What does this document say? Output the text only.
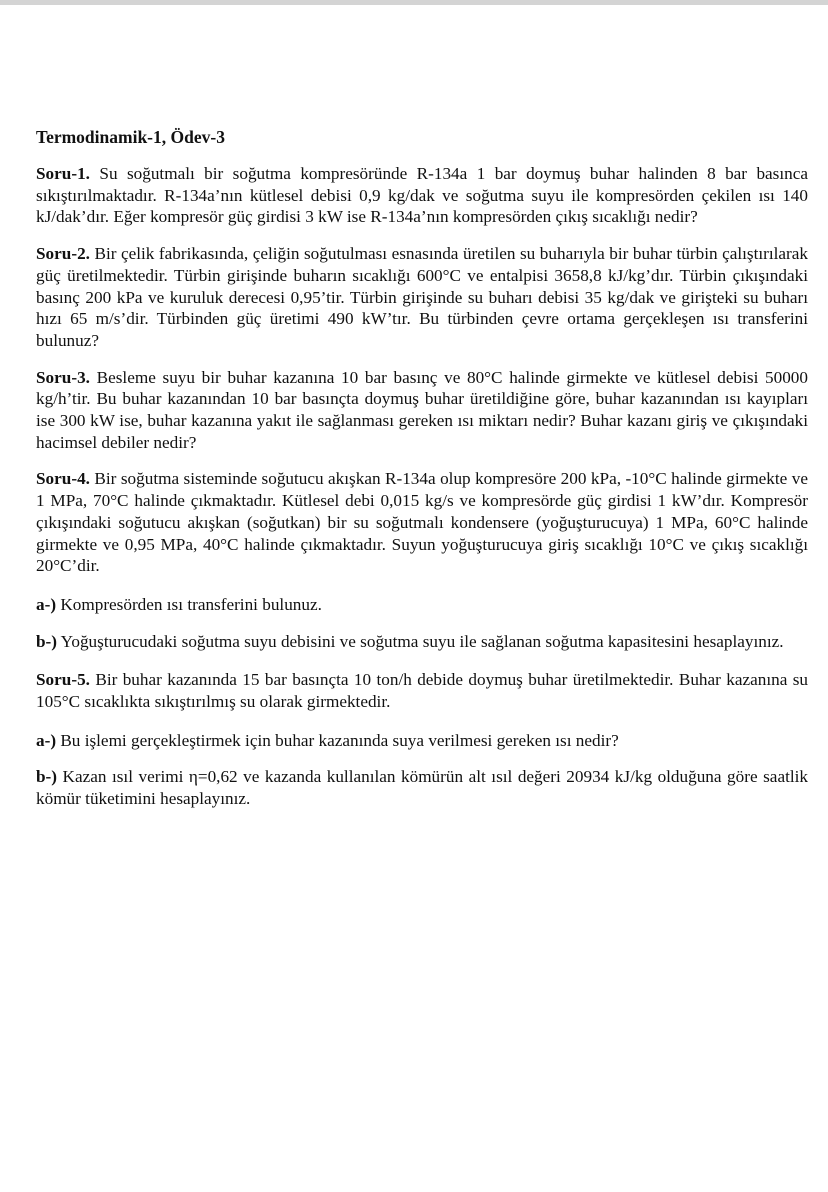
Termodinamik-1, Ödev-3

Soru-1. Su soğutmalı bir soğutma kompresöründe R-134a 1 bar doymuş buhar halinden 8 bar basınca sıkıştırılmaktadır. R-134a’nın kütlesel debisi 0,9 kg/dak ve soğutma suyu ile kompresörden çekilen ısı 140 kJ/dak’dır. Eğer kompresör güç girdisi 3 kW ise R-134a’nın kompresörden çıkış sıcaklığı nedir?

Soru-2. Bir çelik fabrikasında, çeliğin soğutulması esnasında üretilen su buharıyla bir buhar türbin çalıştırılarak güç üretilmektedir. Türbin girişinde buharın sıcaklığı 600°C ve entalpisi 3658,8 kJ/kg’dır. Türbin çıkışındaki basınç 200 kPa ve kuruluk derecesi 0,95’tir. Türbin girişinde su buharı debisi 35 kg/dak ve girişteki su buharı hızı 65 m/s’dir. Türbinden güç üretimi 490 kW’tır. Bu türbinden çevre ortama gerçekleşen ısı transferini bulunuz?

Soru-3. Besleme suyu bir buhar kazanına 10 bar basınç ve 80°C halinde girmekte ve kütlesel debisi 50000 kg/h’tir. Bu buhar kazanından 10 bar basınçta doymuş buhar üretildiğine göre, buhar kazanından ısı kayıpları ise 300 kW ise, buhar kazanına yakıt ile sağlanması gereken ısı miktarı nedir? Buhar kazanı giriş ve çıkışındaki hacimsel debiler nedir?

Soru-4. Bir soğutma sisteminde soğutucu akışkan R-134a olup kompresöre 200 kPa, -10°C halinde girmekte ve 1 MPa, 70°C halinde çıkmaktadır. Kütlesel debi 0,015 kg/s ve kompresörde güç girdisi 1 kW’dır. Kompresör çıkışındaki soğutucu akışkan (soğutkan) bir su soğutmalı kondensere (yoğuşturucuya) 1 MPa, 60°C halinde girmekte ve 0,95 MPa, 40°C halinde çıkmaktadır. Suyun yoğuşturucuya giriş sıcaklığı 10°C ve çıkış sıcaklığı 20°C’dir.

a-) Kompresörden ısı transferini bulunuz.

b-) Yoğuşturucudaki soğutma suyu debisini ve soğutma suyu ile sağlanan soğutma kapasitesini hesaplayınız.

Soru-5. Bir buhar kazanında 15 bar basınçta 10 ton/h debide doymuş buhar üretilmektedir. Buhar kazanına su 105°C sıcaklıkta sıkıştırılmış su olarak girmektedir.

a-) Bu işlemi gerçekleştirmek için buhar kazanında suya verilmesi gereken ısı nedir?

b-) Kazan ısıl verimi η=0,62 ve kazanda kullanılan kömürün alt ısıl değeri 20934 kJ/kg olduğuna göre saatlik kömür tüketimini hesaplayınız.
